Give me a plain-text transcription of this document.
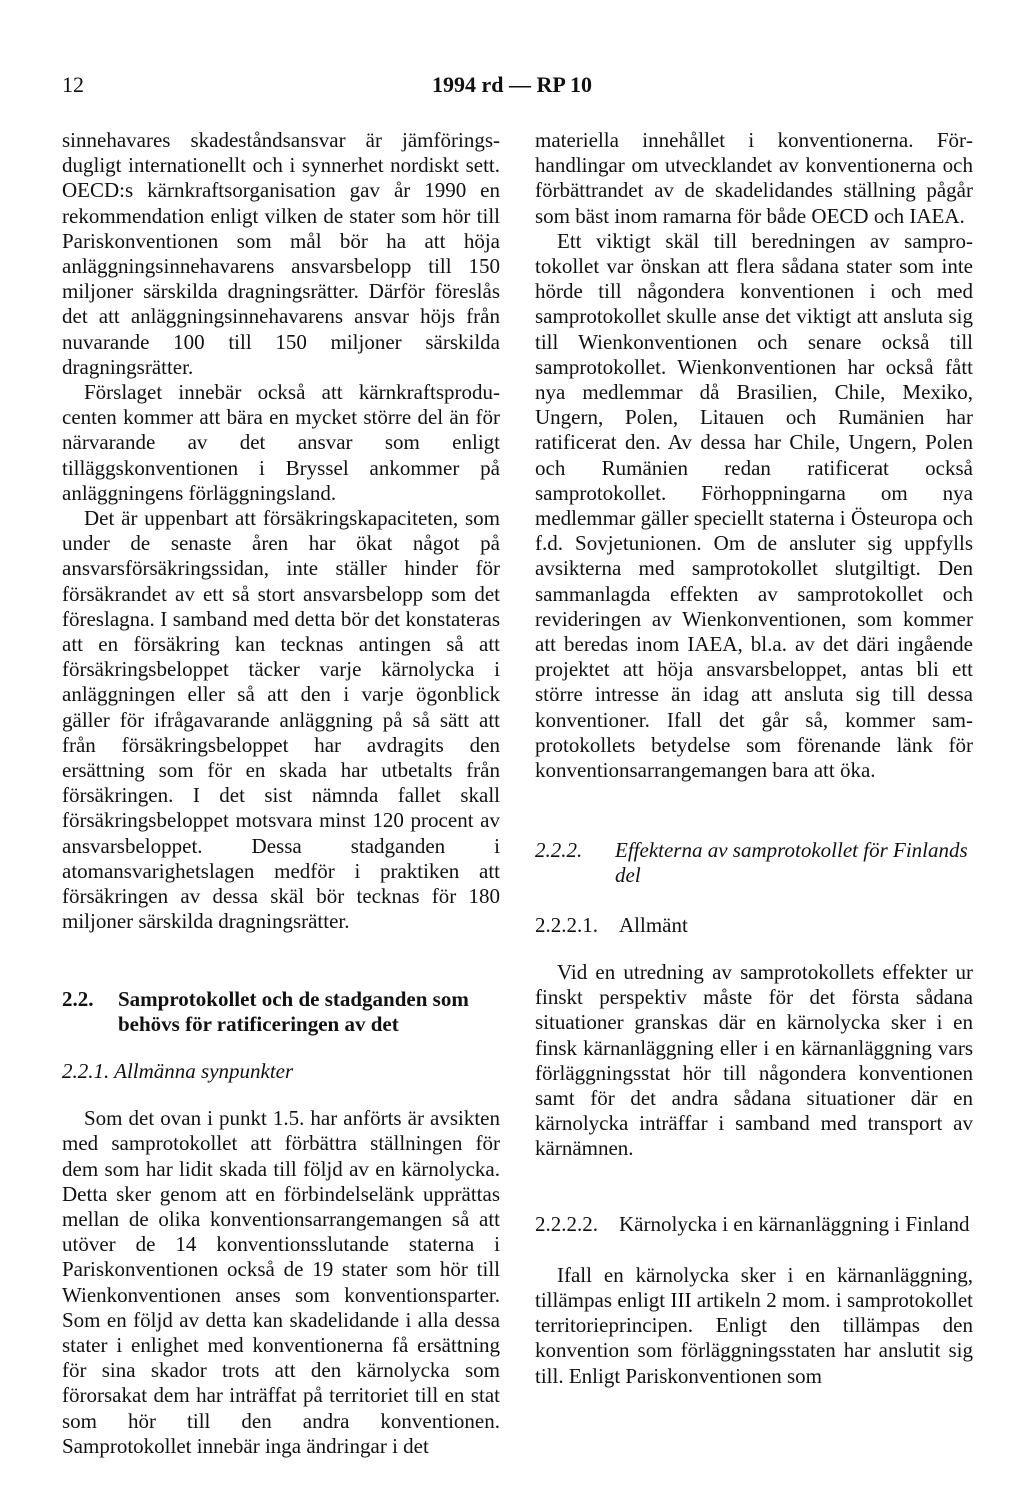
12	1994 rd — RP 10

sinnehavares skadeståndsansvar är jämföringsdugligt internationellt och i synnerhet nordiskt sett. OECD:s kärnkraftsorganisation gav år 1990 en rekommendation enligt vilken de stater som hör till Pariskonventionen som mål bör ha att höja anläggningsinnehavarens ansvarsbelopp till 150 miljoner särskilda dragningsrätter. Därför föreslås det att anläggningsinnehavarens ansvar höjs från nuvarande 100 till 150 miljoner särskilda dragningsrätter.

Förslaget innebär också att kärnkraftsproducenten kommer att bära en mycket större del än för närvarande av det ansvar som enligt tilläggskonventionen i Bryssel ankommer på anläggningens förläggningsland.

Det är uppenbart att försäkringskapaciteten, som under de senaste åren har ökat något på ansvarsförsäkringssidan, inte ställer hinder för försäkrandet av ett så stort ansvarsbelopp som det föreslagna. I samband med detta bör det konstateras att en försäkring kan tecknas antingen så att försäkringsbeloppet täcker varje kärnolycka i anläggningen eller så att den i varje ögonblick gäller för ifrågavarande anläggning på så sätt att från försäkringsbeloppet har avdragits den ersättning som för en skada har utbetalts från försäkringen. I det sist nämnda fallet skall försäkringsbeloppet motsvara minst 120 procent av ansvarsbeloppet. Dessa stadganden i atomansvarighetslagen medför i praktiken att försäkringen av dessa skäl bör tecknas för 180 miljoner särskilda dragningsrätter.

2.2.	Samprotokollet och de stadganden som behövs för ratificeringen av det
2.2.1. Allmänna synpunkter

Som det ovan i punkt 1.5. har anförts är avsikten med samprotokollet att förbättra ställningen för dem som har lidit skada till följd av en kärnolycka. Detta sker genom att en förbindelselänk upprättas mellan de olika konventionsarrangemangen så att utöver de 14 konventionsslutande staterna i Pariskonventionen också de 19 stater som hör till Wienkonventionen anses som konventionsparter. Som en följd av detta kan skadelidande i alla dessa stater i enlighet med konventionerna få ersättning för sina skador trots att den kärnolycka som förorsakat dem har inträffat på territoriet till en stat som hör till den andra konventionen. Samprotokollet innebär inga ändringar i det

materiella innehållet i konventionerna. Förhandlingar om utvecklandet av konventionerna och förbättrandet av de skadelidandes ställning pågår som bäst inom ramarna för både OECD och IAEA.

Ett viktigt skäl till beredningen av samprotokollet var önskan att flera sådana stater som inte hörde till någondera konventionen i och med samprotokollet skulle anse det viktigt att ansluta sig till Wienkonventionen och senare också till samprotokollet. Wienkonventionen har också fått nya medlemmar då Brasilien, Chile, Mexiko, Ungern, Polen, Litauen och Rumänien har ratificerat den. Av dessa har Chile, Ungern, Polen och Rumänien redan ratificerat också samprotokollet. Förhoppningarna om nya medlemmar gäller speciellt staterna i Östeuropa och f.d. Sovjetunionen. Om de ansluter sig uppfylls avsikterna med samprotokollet slutgiltigt. Den sammanlagda effekten av samprotokollet och revideringen av Wienkonventionen, som kommer att beredas inom IAEA, bl.a. av det däri ingående projektet att höja ansvarsbeloppet, antas bli ett större intresse än idag att ansluta sig till dessa konventioner. Ifall det går så, kommer samprotokollets betydelse som förenande länk för konventionsarrangemangen bara att öka.

2.2.2.	Effekterna av samprotokollet för Finlands del
2.2.2.1.	Allmänt

Vid en utredning av samprotokollets effekter ur finskt perspektiv måste för det första sådana situationer granskas där en kärnolycka sker i en finsk kärnanläggning eller i en kärnanläggning vars förläggningsstat hör till någondera konventionen samt för det andra sådana situationer där en kärnolycka inträffar i samband med transport av kärnämnen.

2.2.2.2.	Kärnolycka i en kärnanläggning i Finland

Ifall en kärnolycka sker i en kärnanläggning, tillämpas enligt III artikeln 2 mom. i samprotokollet territorieprincipen. Enligt den tillämpas den konvention som förläggningsstaten har anslutit sig till. Enligt Pariskonventionen som
